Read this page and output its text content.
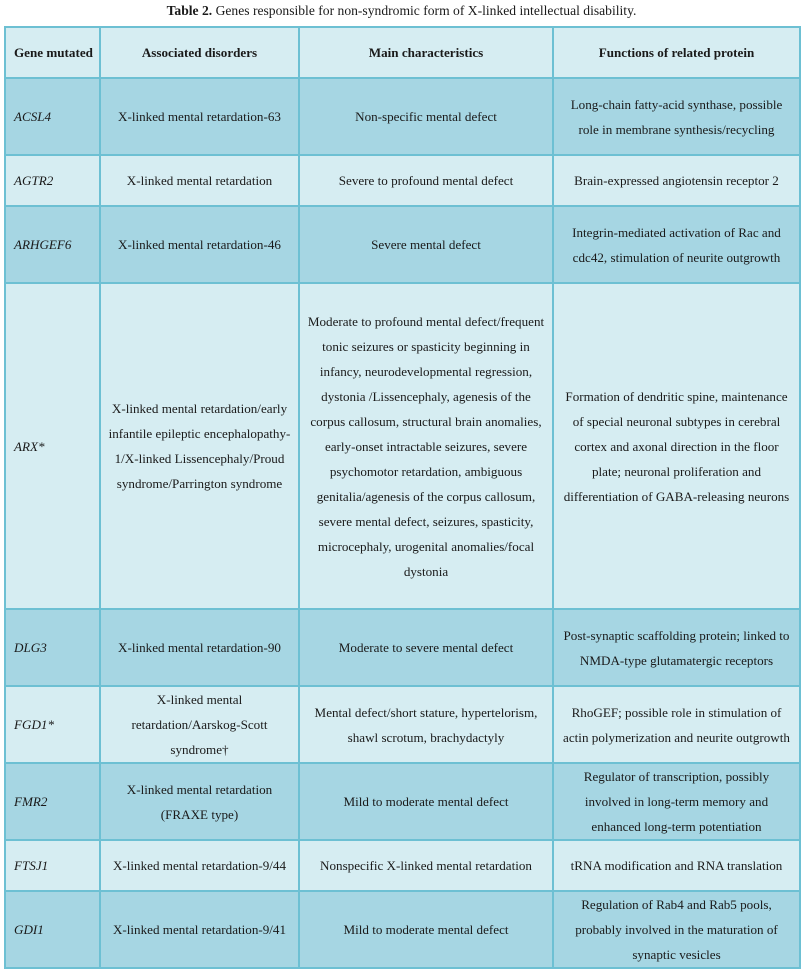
Table 2. Genes responsible for non-syndromic form of X-linked intellectual disability.
Gene mutated	Associated disorders	Main characteristics	Functions of related protein
ACSL4	X-linked mental retardation-63	Non-specific mental defect	Long-chain fatty-acid synthase, possible role in membrane synthesis/recycling
AGTR2	X-linked mental retardation	Severe to profound mental defect	Brain-expressed angiotensin receptor 2
ARHGEF6	X-linked mental retardation-46	Severe mental defect	Integrin-mediated activation of Rac and cdc42, stimulation of neurite outgrowth
ARX*	X-linked mental retardation/early infantile epileptic encephalopathy-1/X-linked Lissencephaly/Proud syndrome/Parrington syndrome	Moderate to profound mental defect/frequent tonic seizures or spasticity beginning in infancy, neurodevelopmental regression, dystonia /Lissencephaly, agenesis of the corpus callosum, structural brain anomalies, early-onset intractable seizures, severe psychomotor retardation, ambiguous genitalia/agenesis of the corpus callosum, severe mental defect, seizures, spasticity, microcephaly, urogenital anomalies/focal dystonia	Formation of dendritic spine, maintenance of special neuronal subtypes in cerebral cortex and axonal direction in the floor plate; neuronal proliferation and differentiation of GABA-releasing neurons
DLG3	X-linked mental retardation-90	Moderate to severe mental defect	Post-synaptic scaffolding protein; linked to NMDA-type glutamatergic receptors
FGD1*	X-linked mental retardation/Aarskog-Scott syndrome†	Mental defect/short stature, hypertelorism, shawl scrotum, brachydactyly	RhoGEF; possible role in stimulation of actin polymerization and neurite outgrowth
FMR2	X-linked mental retardation (FRAXE type)	Mild to moderate mental defect	Regulator of transcription, possibly involved in long-term memory and enhanced long-term potentiation
FTSJ1	X-linked mental retardation-9/44	Nonspecific X-linked mental retardation	tRNA modification and RNA translation
GDI1	X-linked mental retardation-9/41	Mild to moderate mental defect	Regulation of Rab4 and Rab5 pools, probably involved in the maturation of synaptic vesicles
